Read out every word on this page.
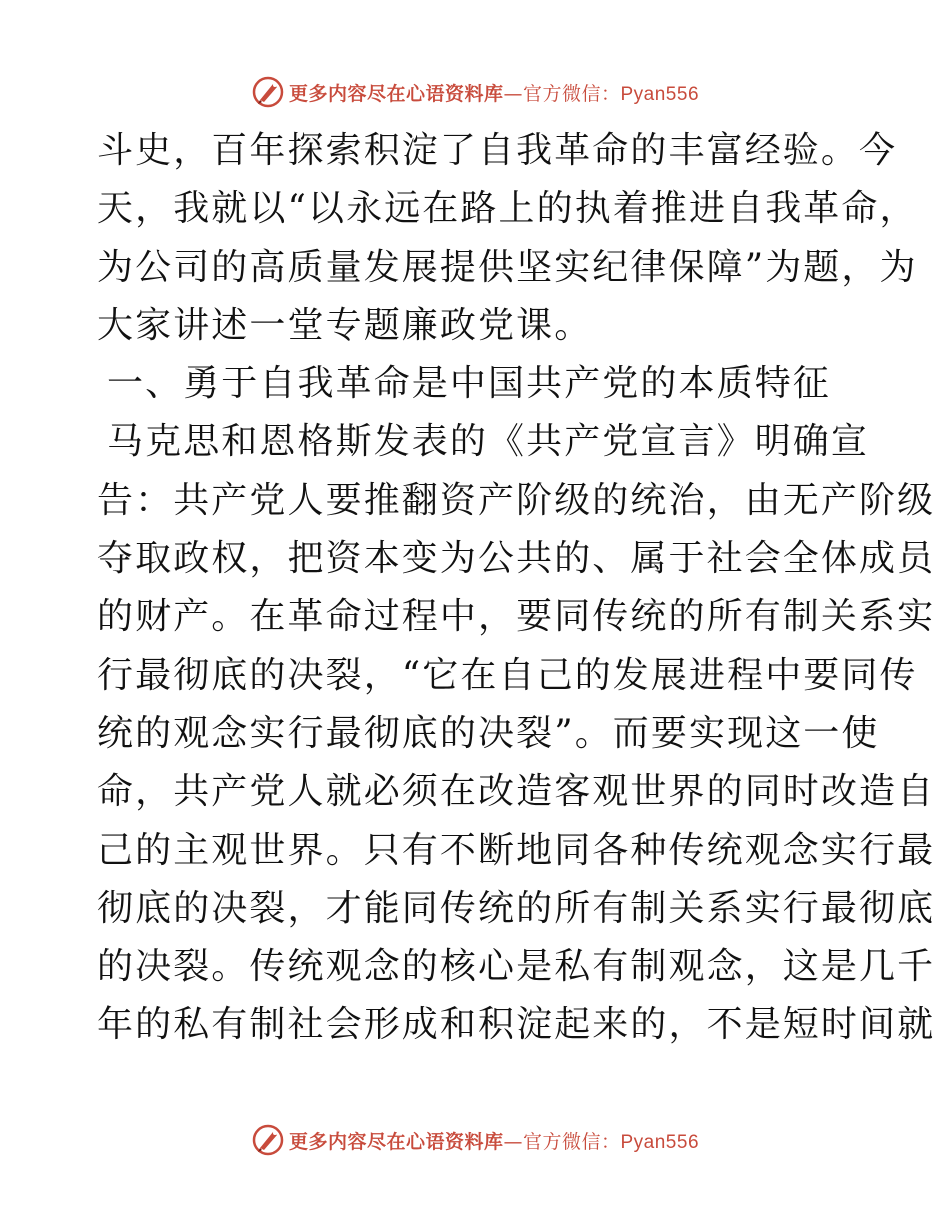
更多内容尽在心语资料库—官方微信：Pyan556
斗史，百年探索积淀了自我革命的丰富经验。今
天，我就以“以永远在路上的执着推进自我革命，
为公司的高质量发展提供坚实纪律保障”为题，为
大家讲述一堂专题廉政党课。
一、勇于自我革命是中国共产党的本质特征
马克思和恩格斯发表的《共产党宣言》明确宣
告：共产党人要推翻资产阶级的统治，由无产阶级
夺取政权，把资本变为公共的、属于社会全体成员
的财产。在革命过程中，要同传统的所有制关系实
行最彻底的决裂，“它在自己的发展进程中要同传
统的观念实行最彻底的决裂”。而要实现这一使
命，共产党人就必须在改造客观世界的同时改造自
己的主观世界。只有不断地同各种传统观念实行最
彻底的决裂，才能同传统的所有制关系实行最彻底
的决裂。传统观念的核心是私有制观念，这是几千
年的私有制社会形成和积淀起来的，不是短时间就
更多内容尽在心语资料库—官方微信：Pyan556
